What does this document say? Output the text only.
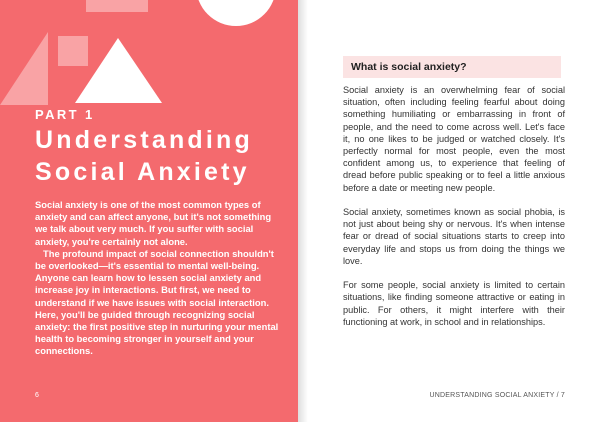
PART 1
Understanding
Social Anxiety

Social anxiety is one of the most common types of anxiety and can affect anyone, but it's not something we talk about very much. If you suffer with social anxiety, you're certainly not alone.

The profound impact of social connection shouldn't be overlooked—it's essential to mental well-being. Anyone can learn how to lessen social anxiety and increase joy in interactions. But first, we need to understand if we have issues with social interaction. Here, you'll be guided through recognizing social anxiety: the first positive step in nurturing your mental health to becoming stronger in yourself and your connections.

6
What is social anxiety?

Social anxiety is an overwhelming fear of social situation, often including feeling fearful about doing something humiliating or embarrassing in front of people, and the need to come across well. Let's face it, no one likes to be judged or watched closely. It's perfectly normal for most people, even the most confident among us, to experience that feeling of dread before public speaking or to feel a little anxious before a date or meeting new people.

Social anxiety, sometimes known as social phobia, is not just about being shy or nervous. It's when intense fear or dread of social situations starts to creep into everyday life and stops us from doing the things we love.

For some people, social anxiety is limited to certain situations, like finding someone attractive or eating in public. For others, it might interfere with their functioning at work, in school and in relationships.

UNDERSTANDING SOCIAL ANXIETY / 7
